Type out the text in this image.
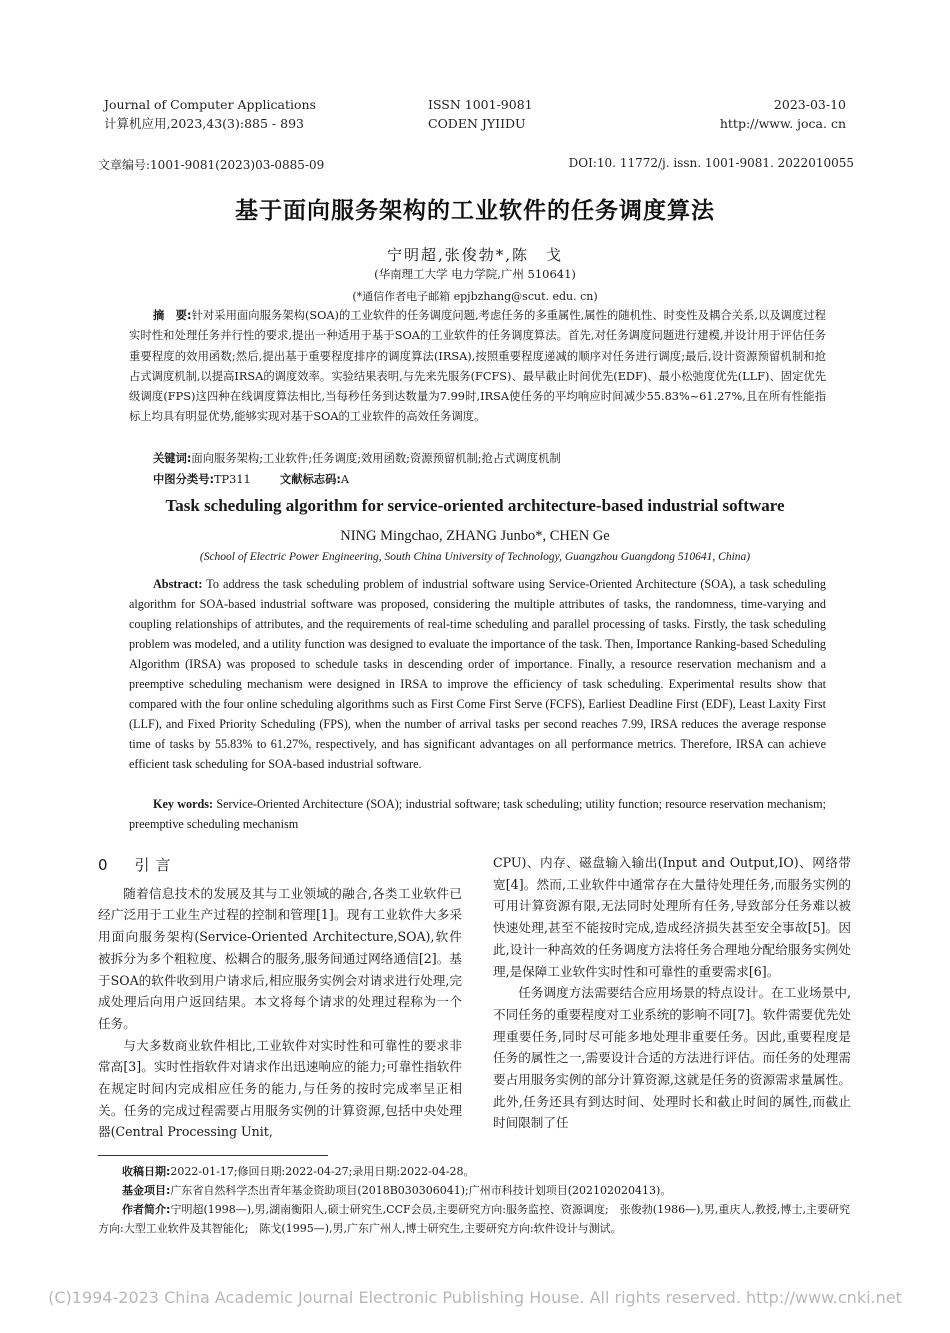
Journal of Computer Applications
计算机应用,2023,43(3):885 - 893
ISSN 1001-9081
CODEN JYIIDU
2023-03-10
http://www. joca. cn
文章编号:1001-9081(2023)03-0885-09	DOI:10. 11772/j. issn. 1001-9081. 2022010055
基于面向服务架构的工业软件的任务调度算法
宁明超,张俊勃*,陈　戈
(华南理工大学 电力学院,广州 510641)
(*通信作者电子邮箱 epjbzhang@scut. edu. cn)
摘　要:针对采用面向服务架构(SOA)的工业软件的任务调度问题,考虑任务的多重属性,属性的随机性、时变性及耦合关系,以及调度过程实时性和处理任务并行性的要求,提出一种适用于基于SOA的工业软件的任务调度算法。首先,对任务调度问题进行建模,并设计用于评估任务重要程度的效用函数;然后,提出基于重要程度排序的调度算法(IRSA),按照重要程度递减的顺序对任务进行调度;最后,设计资源预留机制和抢占式调度机制,以提高IRSA的调度效率。实验结果表明,与先来先服务(FCFS)、最早截止时间优先(EDF)、最小松弛度优先(LLF)、固定优先级调度(FPS)这四种在线调度算法相比,当每秒任务到达数量为7.99时,IRSA使任务的平均响应时间减少55.83%~61.27%,且在所有性能指标上均具有明显优势,能够实现对基于SOA的工业软件的高效任务调度。
关键词:面向服务架构;工业软件;任务调度;效用函数;资源预留机制;抢占式调度机制
中图分类号:TP311	文献标志码:A
Task scheduling algorithm for service-oriented architecture-based industrial software
NING Mingchao, ZHANG Junbo*, CHEN Ge
(School of Electric Power Engineering, South China University of Technology, Guangzhou Guangdong 510641, China)
Abstract: To address the task scheduling problem of industrial software using Service-Oriented Architecture (SOA), a task scheduling algorithm for SOA-based industrial software was proposed, considering the multiple attributes of tasks, the randomness, time-varying and coupling relationships of attributes, and the requirements of real-time scheduling and parallel processing of tasks. Firstly, the task scheduling problem was modeled, and a utility function was designed to evaluate the importance of the task. Then, Importance Ranking-based Scheduling Algorithm (IRSA) was proposed to schedule tasks in descending order of importance. Finally, a resource reservation mechanism and a preemptive scheduling mechanism were designed in IRSA to improve the efficiency of task scheduling. Experimental results show that compared with the four online scheduling algorithms such as First Come First Serve (FCFS), Earliest Deadline First (EDF), Least Laxity First (LLF), and Fixed Priority Scheduling (FPS), when the number of arrival tasks per second reaches 7.99, IRSA reduces the average response time of tasks by 55.83% to 61.27%, respectively, and has significant advantages on all performance metrics. Therefore, IRSA can achieve efficient task scheduling for SOA-based industrial software.
Key words: Service-Oriented Architecture (SOA); industrial software; task scheduling; utility function; resource reservation mechanism; preemptive scheduling mechanism
0　引言

随着信息技术的发展及其与工业领域的融合,各类工业软件已经广泛用于工业生产过程的控制和管理[1]。现有工业软件大多采用面向服务架构(Service-Oriented Architecture,SOA),软件被拆分为多个粗粒度、松耦合的服务,服务间通过网络通信[2]。基于SOA的软件收到用户请求后,相应服务实例会对请求进行处理,完成处理后向用户返回结果。本文将每个请求的处理过程称为一个任务。

与大多数商业软件相比,工业软件对实时性和可靠性的要求非常高[3]。实时性指软件对请求作出迅速响应的能力;可靠性指软件在规定时间内完成相应任务的能力,与任务的按时完成率呈正相关。任务的完成过程需要占用服务实例的计算资源,包括中央处理器(Central Processing Unit,

CPU)、内存、磁盘输入输出(Input and Output,IO)、网络带宽[4]。然而,工业软件中通常存在大量待处理任务,而服务实例的可用计算资源有限,无法同时处理所有任务,导致部分任务难以被快速处理,甚至不能按时完成,造成经济损失甚至安全事故[5]。因此,设计一种高效的任务调度方法将任务合理地分配给服务实例处理,是保障工业软件实时性和可靠性的重要需求[6]。

任务调度方法需要结合应用场景的特点设计。在工业场景中,不同任务的重要程度对工业系统的影响不同[7]。软件需要优先处理重要任务,同时尽可能多地处理非重要任务。因此,重要程度是任务的属性之一,需要设计合适的方法进行评估。而任务的处理需要占用服务实例的部分计算资源,这就是任务的资源需求量属性。此外,任务还具有到达时间、处理时长和截止时间的属性,而截止时间限制了任

收稿日期:2022-01-17;修回日期:2022-04-27;录用日期:2022-04-28。
基金项目:广东省自然科学杰出青年基金资助项目(2018B030306041);广州市科技计划项目(202102020413)。
作者简介:宁明超(1998—),男,湖南衡阳人,硕士研究生,CCF会员,主要研究方向:服务监控、资源调度;　张俊勃(1986—),男,重庆人,教授,博士,主要研究方向:大型工业软件及其智能化;　陈戈(1995—),男,广东广州人,博士研究生,主要研究方向:软件设计与测试。
(C)1994-2023 China Academic Journal Electronic Publishing House. All rights reserved. http://www.cnki.net
